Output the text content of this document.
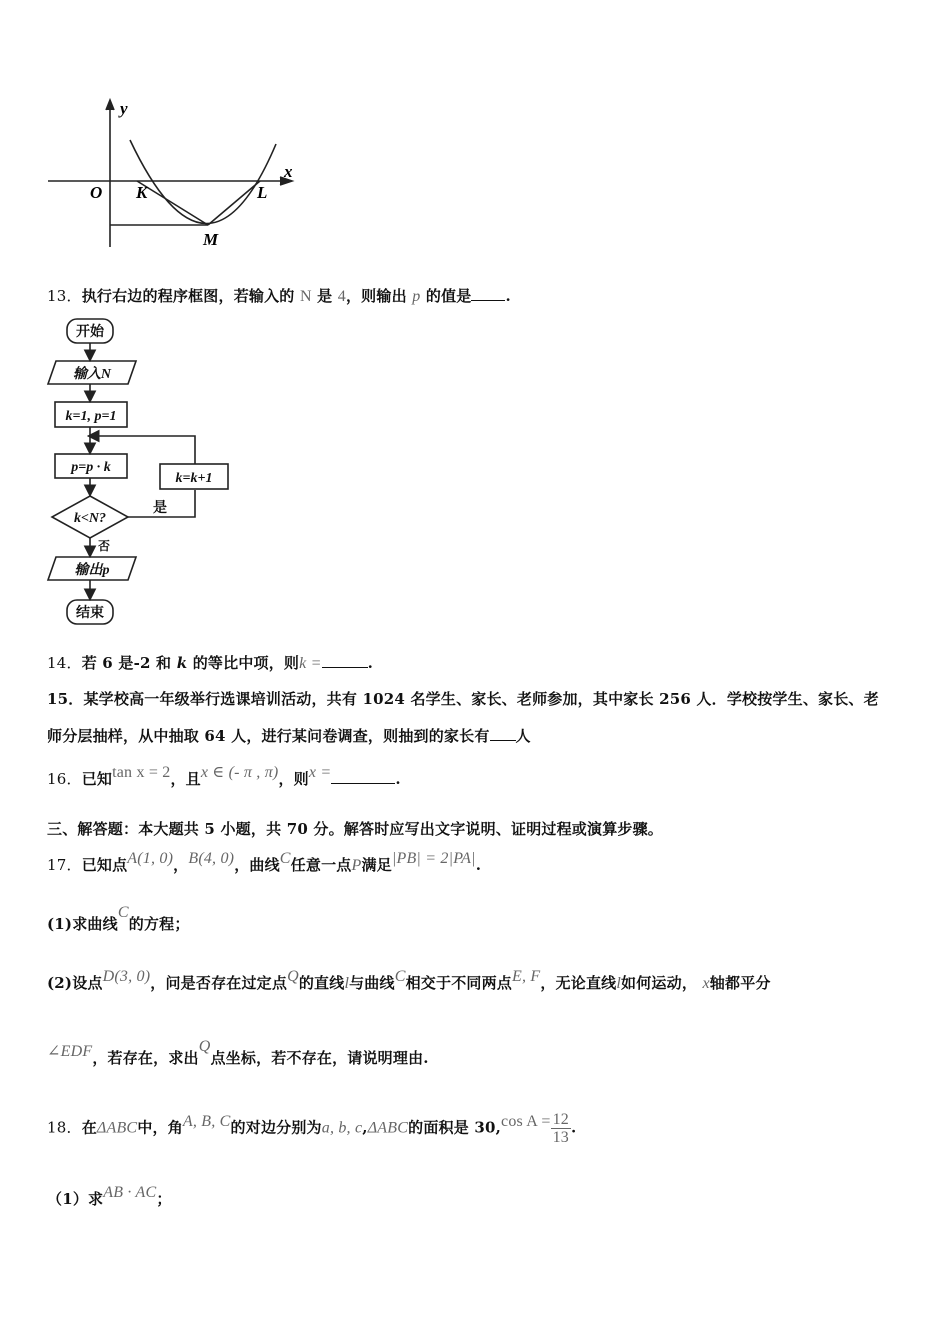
y
x
O K	L
M
13．执行右边的程序框图，若输入的 N 是 4，则输出 p 的值是 .
开始
输入N
k=1, p=1
p=p · k
k=k+1
k<N?
是
否
输出p
结束
14．若 6 是-2 和 k 的等比中项，则k =	.
15．某学校高一年级举行选课培训活动，共有 1024 名学生、家长、老师参加，其中家长 256 人．学校按学生、家长、老
师分层抽样，从中抽取 64 人，进行某问卷调查，则抽到的家长有 人
16．已知tan x = 2，且x ∈ (- π , π)，则x =	.
三、解答题：本大题共 5 小题，共 70 分。解答时应写出文字说明、证明过程或演算步骤。
17．已知点A(1, 0)，B(4, 0)，曲线C任意一点P满足|PB| = 2|PA|.
(1)求曲线C的方程；
(2)设点D(3, 0)，问是否存在过定点Q的直线l与曲线C相交于不同两点E, F，无论直线l如何运动， x轴都平分
∠EDF，若存在，求出Q点坐标，若不存在，请说明理由.
18．在ΔABC中，角A, B, C的对边分别为a, b, c,ΔABC的面积是 30,cos $A = \frac{12}{13}$ .
（1）求AB · AC；
